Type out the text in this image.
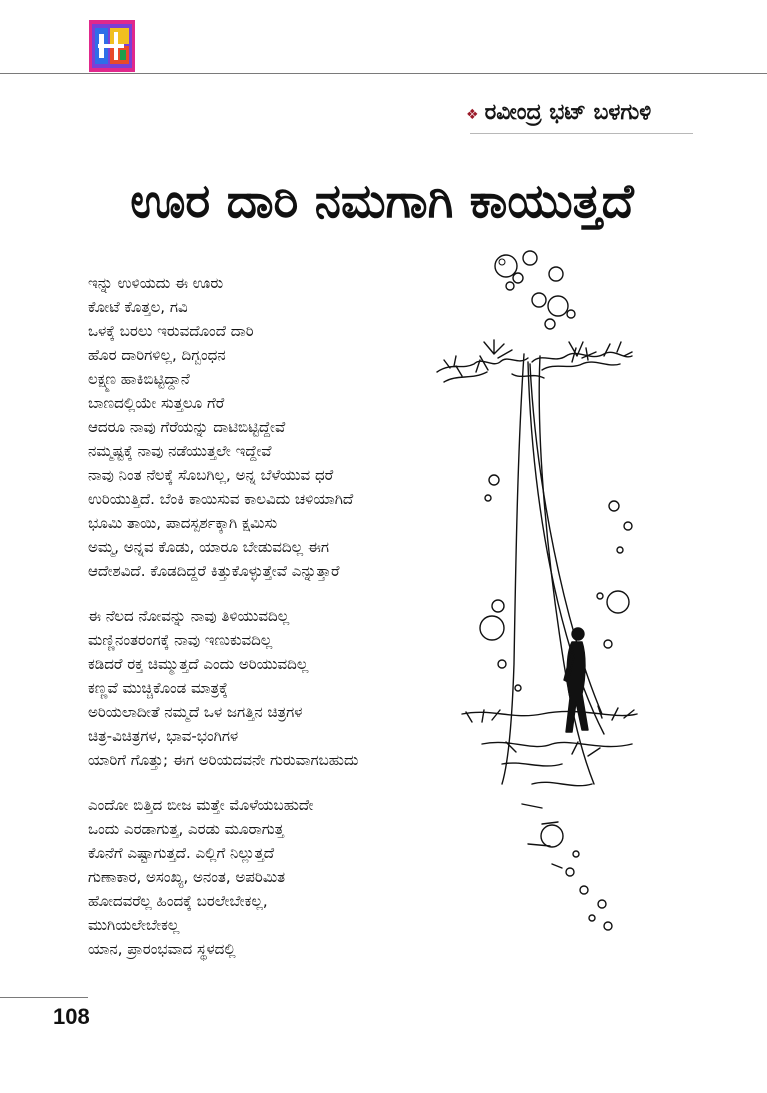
❖ ರವೀಂದ್ರ ಭಟ್ ಬಳಗುಳಿ
ಊರ ದಾರಿ ನಮಗಾಗಿ ಕಾಯುತ್ತದೆ
ಇನ್ನು ಉಳಿಯದು ಈ ಊರು
ಕೋಟೆ ಕೊತ್ತಲ, ಗವಿ
ಒಳಕ್ಕೆ ಬರಲು ಇರುವದೊಂದೆ ದಾರಿ
ಹೊರ ದಾರಿಗಳಿಲ್ಲ, ದಿಗ್ಬಂಧನ
ಲಕ್ಷ್ಮಣ ಹಾಕಿಬಿಟ್ಟಿದ್ದಾನೆ
ಬಾಣದಲ್ಲಿಯೇ ಸುತ್ತಲೂ ಗೆರೆ
ಆದರೂ ನಾವು ಗೆರೆಯನ್ನು ದಾಟಿಬಿಟ್ಟಿದ್ದೇವೆ
ನಮ್ಮಷ್ಟಕ್ಕೆ ನಾವು ನಡೆಯುತ್ತಲೇ ಇದ್ದೇವೆ
ನಾವು ನಿಂತ ನೆಲಕ್ಕೆ ಸೊಬಗಿಲ್ಲ, ಅನ್ನ ಬೆಳೆಯುವ ಧರೆ
ಉರಿಯುತ್ತಿದೆ. ಬೆಂಕಿ ಕಾಯಿಸುವ ಕಾಲವಿದು ಚಳಿಯಾಗಿದೆ
ಭೂಮಿ ತಾಯಿ, ಪಾದಸ್ಪರ್ಶಕ್ಕಾಗಿ ಕ್ಷಮಿಸು
ಅಮ್ಮ, ಅನ್ನವ ಕೊಡು, ಯಾರೂ ಬೇಡುವದಿಲ್ಲ ಈಗ
ಆದೇಶವಿದೆ. ಕೊಡದಿದ್ದರೆ ಕಿತ್ತುಕೊಳ್ಳುತ್ತೇವೆ ಎನ್ನುತ್ತಾರೆ
ಈ ನೆಲದ ನೋವನ್ನು ನಾವು ತಿಳಿಯುವದಿಲ್ಲ
ಮಣ್ಣಿನಂತರಂಗಕ್ಕೆ ನಾವು ಇಣುಕುವದಿಲ್ಲ
ಕಡಿದರೆ ರಕ್ತ ಚಿಮ್ಮುತ್ತದೆ ಎಂದು ಅರಿಯುವದಿಲ್ಲ
ಕಣ್ಣವೆ ಮುಚ್ಚಿಕೊಂಡ ಮಾತ್ರಕ್ಕೆ
ಅರಿಯಲಾದೀತೆ ನಮ್ಮದೆ ಒಳ ಜಗತ್ತಿನ ಚಿತ್ರಗಳ
ಚಿತ್ರ-ವಿಚಿತ್ರಗಳ, ಭಾವ-ಭಂಗಿಗಳ
ಯಾರಿಗೆ ಗೊತ್ತು; ಈಗ ಅರಿಯದವನೇ ಗುರುವಾಗಬಹುದು
ಎಂದೋ ಬಿತ್ತಿದ ಬೀಜ ಮತ್ತೇ ಮೊಳೆಯಬಹುದೇ
ಒಂದು ಎರಡಾಗುತ್ತ, ಎರಡು ಮೂರಾಗುತ್ತ
ಕೊನೆಗೆ ಎಷ್ಟಾಗುತ್ತದೆ. ಎಲ್ಲಿಗೆ ನಿಲ್ಲುತ್ತದೆ
ಗುಣಾಕಾರ, ಅಸಂಖ್ಯ, ಅನಂತ, ಅಪರಿಮಿತ
ಹೋದವರೆಲ್ಲ ಹಿಂದಕ್ಕೆ ಬರಲೇಬೇಕಲ್ಲ,
ಮುಗಿಯಲೇಬೇಕಲ್ಲ
ಯಾನ, ಪ್ರಾರಂಭವಾದ ಸ್ಥಳದಲ್ಲಿ
108
